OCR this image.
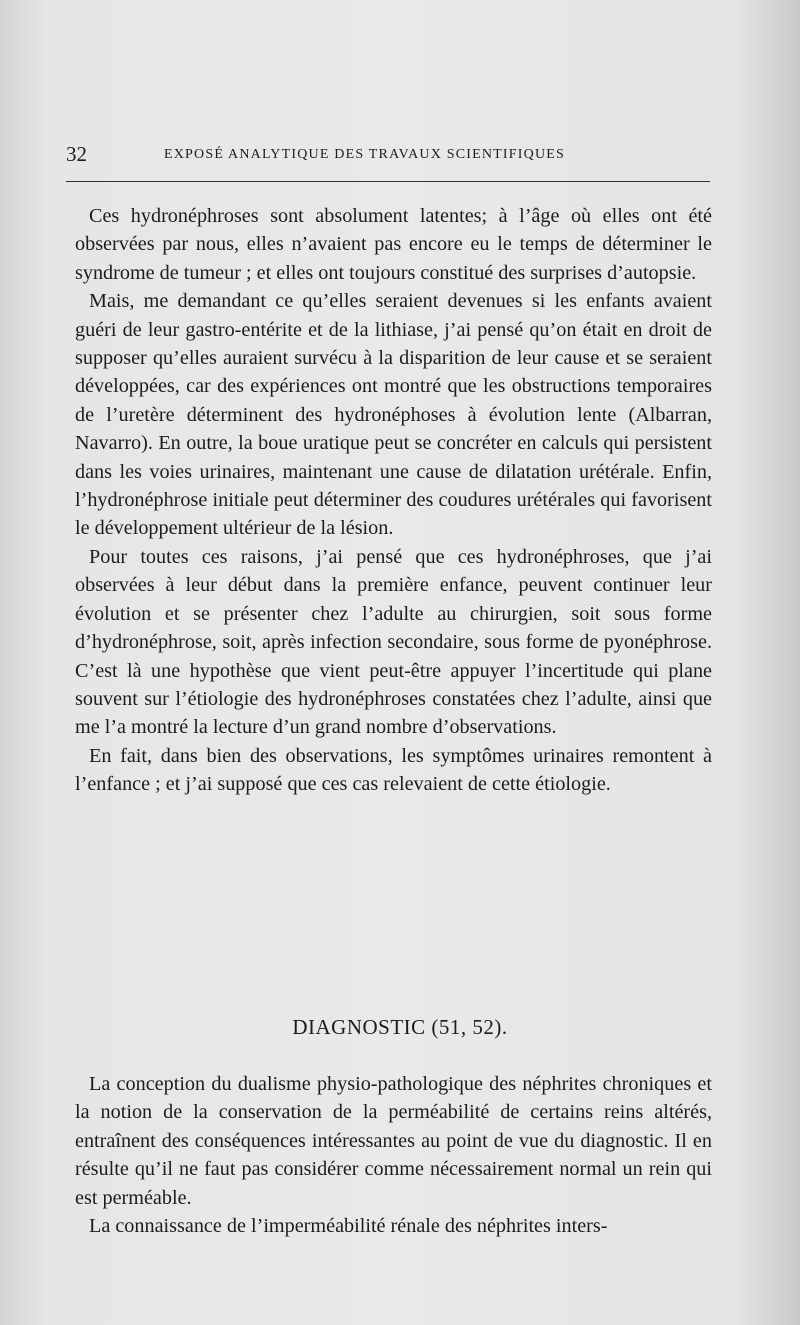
32	EXPOSÉ ANALYTIQUE DES TRAVAUX SCIENTIFIQUES

Ces hydronéphroses sont absolument latentes; à l’âge où elles ont été observées par nous, elles n’avaient pas encore eu le temps de déterminer le syndrome de tumeur ; et elles ont toujours constitué des surprises d’autopsie.

Mais, me demandant ce qu’elles seraient devenues si les enfants avaient guéri de leur gastro-entérite et de la lithiase, j’ai pensé qu’on était en droit de supposer qu’elles auraient survécu à la disparition de leur cause et se seraient développées, car des expériences ont montré que les obstructions temporaires de l’uretère déterminent des hydronéphoses à évolution lente (Albarran, Navarro). En outre, la boue uratique peut se concréter en calculs qui persistent dans les voies urinaires, maintenant une cause de dilatation urétérale. Enfin, l’hydronéphrose initiale peut déterminer des coudures urétérales qui favorisent le développement ultérieur de la lésion.

Pour toutes ces raisons, j’ai pensé que ces hydronéphroses, que j’ai observées à leur début dans la première enfance, peuvent continuer leur évolution et se présenter chez l’adulte au chirurgien, soit sous forme d’hydronéphrose, soit, après infection secondaire, sous forme de pyonéphrose. C’est là une hypothèse que vient peut-être appuyer l’incertitude qui plane souvent sur l’étiologie des hydronéphroses constatées chez l’adulte, ainsi que me l’a montré la lecture d’un grand nombre d’observations.

En fait, dans bien des observations, les symptômes urinaires remontent à l’enfance ; et j’ai supposé que ces cas relevaient de cette étiologie.

DIAGNOSTIC (51, 52).

La conception du dualisme physio-pathologique des néphrites chroniques et la notion de la conservation de la perméabilité de certains reins altérés, entraînent des conséquences intéressantes au point de vue du diagnostic. Il en résulte qu’il ne faut pas considérer comme nécessairement normal un rein qui est perméable.

La connaissance de l’imperméabilité rénale des néphrites inters-
